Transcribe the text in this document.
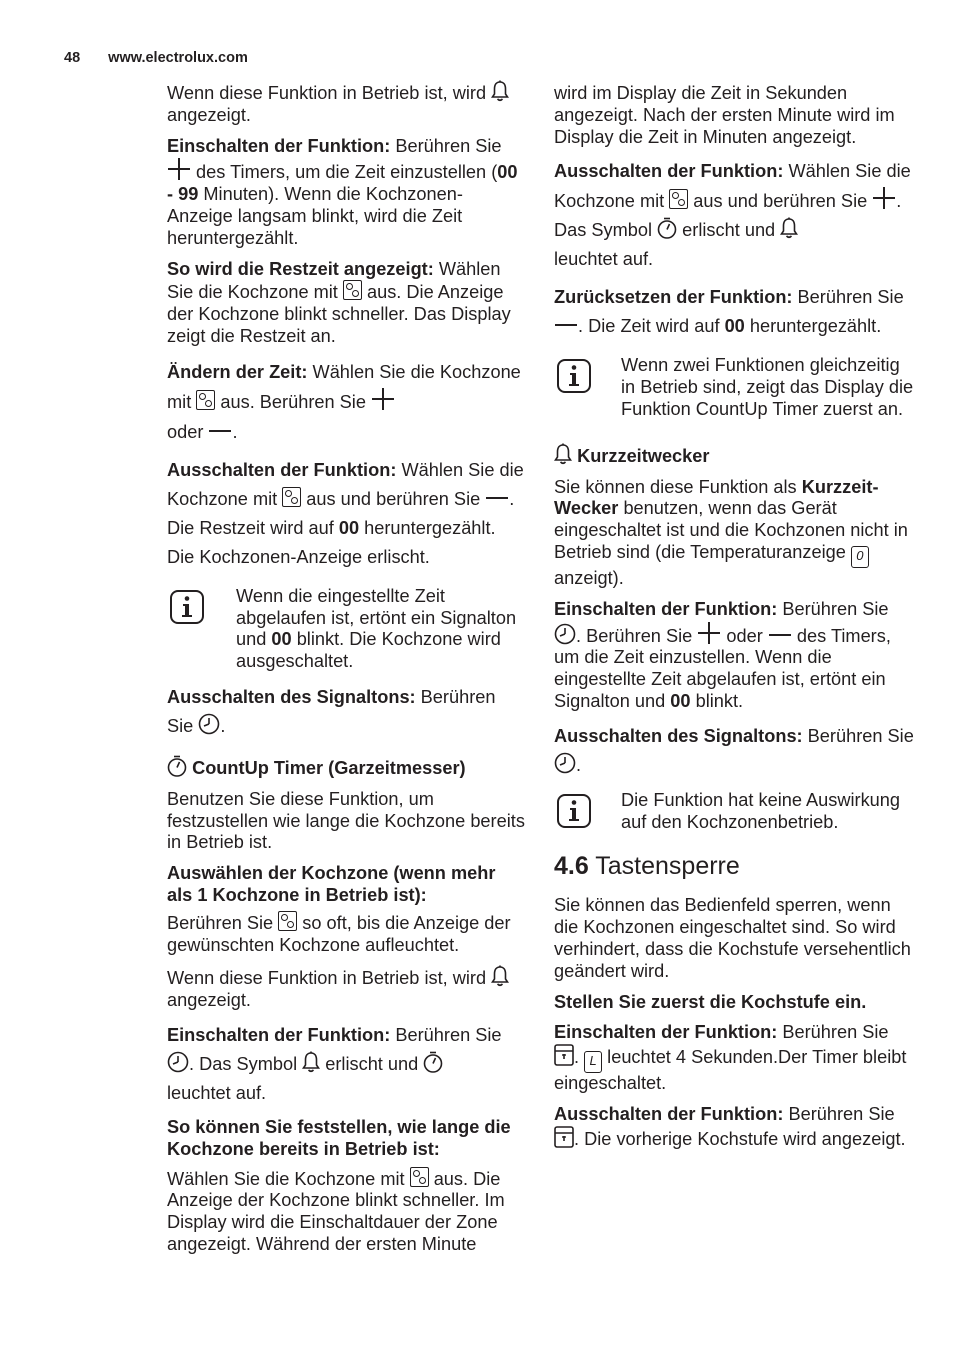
48 www.electrolux.com

Wenn diese Funktion in Betrieb ist, wird
angezeigt.

Einschalten der Funktion: Berühren Sie
des Timers, um die Zeit einzustellen (00 - 99 Minuten). Wenn die Kochzonen-Anzeige langsam blinkt, wird die Zeit heruntergezählt.

So wird die Restzeit angezeigt: Wählen Sie die Kochzone mit  aus. Die Anzeige der Kochzone blinkt schneller. Das Display zeigt die Restzeit an.

Ändern der Zeit: Wählen Sie die Kochzone mit  aus. Berühren Sie
oder .

Ausschalten der Funktion: Wählen Sie die Kochzone mit  aus und berühren Sie . Die Restzeit wird auf 00 heruntergezählt. Die Kochzonen-Anzeige erlischt.

Wenn die eingestellte Zeit abgelaufen ist, ertönt ein Signalton und 00 blinkt. Die Kochzone wird ausgeschaltet.

Ausschalten des Signaltons: Berühren Sie .

CountUp Timer (Garzeitmesser)

Benutzen Sie diese Funktion, um festzustellen wie lange die Kochzone bereits in Betrieb ist.

Auswählen der Kochzone (wenn mehr als 1 Kochzone in Betrieb ist):

Berühren Sie  so oft, bis die Anzeige der gewünschten Kochzone aufleuchtet.

Wenn diese Funktion in Betrieb ist, wird
angezeigt.

Einschalten der Funktion: Berühren Sie
. Das Symbol  erlischt und
leuchtet auf.

So können Sie feststellen, wie lange die Kochzone bereits in Betrieb ist:

Wählen Sie die Kochzone mit  aus. Die Anzeige der Kochzone blinkt schneller. Im Display wird die Einschaltdauer der Zone angezeigt. Während der ersten Minute

wird im Display die Zeit in Sekunden angezeigt. Nach der ersten Minute wird im Display die Zeit in Minuten angezeigt.

Ausschalten der Funktion: Wählen Sie die Kochzone mit  aus und berühren Sie . Das Symbol  erlischt und
leuchtet auf.

Zurücksetzen der Funktion: Berühren Sie . Die Zeit wird auf 00 heruntergezählt.

Wenn zwei Funktionen gleichzeitig in Betrieb sind, zeigt das Display die Funktion CountUp Timer zuerst an.

Kurzzeitwecker

Sie können diese Funktion als Kurzzeit-Wecker benutzen, wenn das Gerät eingeschaltet ist und die Kochzonen nicht in Betrieb sind (die Temperaturanzeige 0
anzeigt).

Einschalten der Funktion: Berühren Sie
. Berühren Sie  oder  des Timers, um die Zeit einzustellen. Wenn die eingestellte Zeit abgelaufen ist, ertönt ein Signalton und 00 blinkt.

Ausschalten des Signaltons: Berühren Sie .

Die Funktion hat keine Auswirkung auf den Kochzonenbetrieb.
4.6 Tastensperre

Sie können das Bedienfeld sperren, wenn die Kochzonen eingeschaltet sind. So wird verhindert, dass die Kochstufe versehentlich geändert wird.

Stellen Sie zuerst die Kochstufe ein.

Einschalten der Funktion: Berühren Sie
. L leuchtet 4 Sekunden.Der Timer bleibt eingeschaltet.

Ausschalten der Funktion: Berühren Sie
. Die vorherige Kochstufe wird angezeigt.
